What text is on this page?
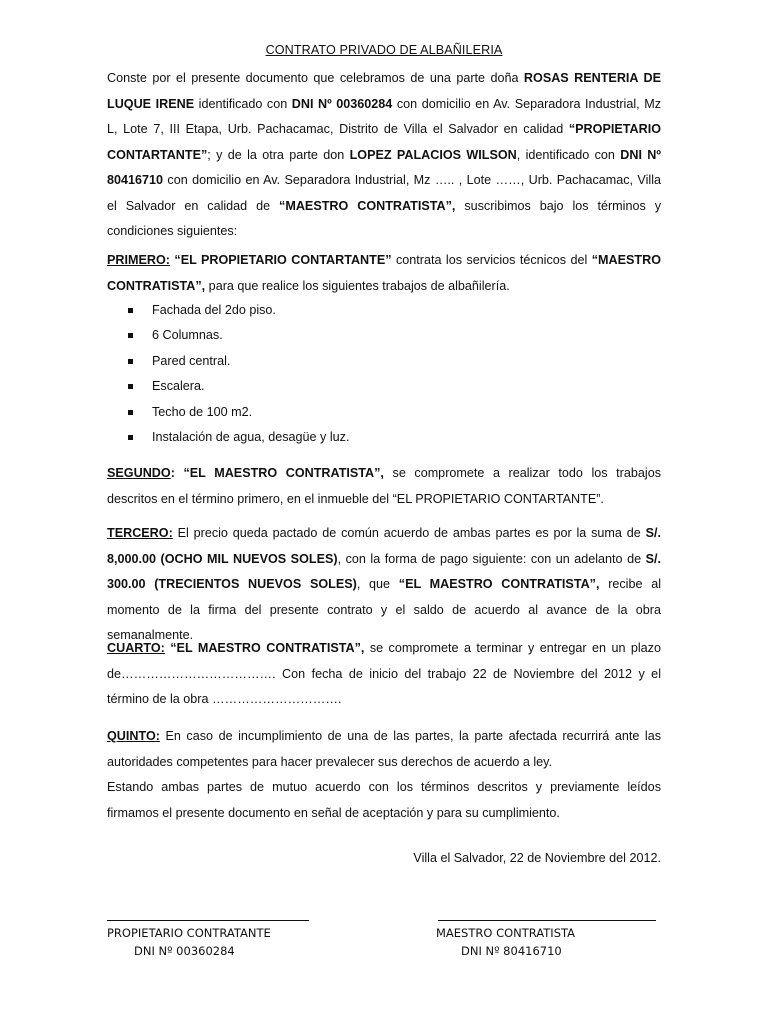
CONTRATO PRIVADO DE ALBAÑILERIA
Conste por el presente documento que celebramos de una parte doña ROSAS RENTERIA DE LUQUE IRENE identificado con DNI Nº 00360284 con domicilio en Av. Separadora Industrial, Mz L, Lote 7, III Etapa, Urb. Pachacamac, Distrito de Villa el Salvador en calidad “PROPIETARIO CONTARTANTE”; y de la otra parte don LOPEZ PALACIOS WILSON, identificado con DNI Nº 80416710 con domicilio en Av. Separadora Industrial, Mz ….. , Lote ……, Urb. Pachacamac, Villa el Salvador en calidad de “MAESTRO CONTRATISTA”, suscribimos bajo los términos y condiciones siguientes:
PRIMERO: “EL PROPIETARIO CONTARTANTE” contrata los servicios técnicos del “MAESTRO CONTRATISTA”, para que realice los siguientes trabajos de albañilería.
Fachada del 2do piso.
6 Columnas.
Pared central.
Escalera.
Techo de 100 m2.
Instalación de agua, desagüe y luz.
SEGUNDO: “EL MAESTRO CONTRATISTA”, se compromete a realizar todo los trabajos descritos en el término primero, en el inmueble del “EL PROPIETARIO CONTARTANTE”.
TERCERO: El precio queda pactado de común acuerdo de ambas partes es por la suma de S/. 8,000.00 (OCHO MIL NUEVOS SOLES), con la forma de pago siguiente: con un adelanto de S/. 300.00 (TRECIENTOS NUEVOS SOLES), que “EL MAESTRO CONTRATISTA”, recibe al momento de la firma del presente contrato y el saldo de acuerdo al avance de la obra semanalmente.
CUARTO: “EL MAESTRO CONTRATISTA”, se compromete a terminar y entregar en un plazo de………………………………. Con fecha de inicio del trabajo 22 de Noviembre del 2012 y el término de la obra ………………………….
QUINTO: En caso de incumplimiento de una de las partes, la parte afectada recurrirá ante las autoridades competentes para hacer prevalecer sus derechos de acuerdo a ley.
Estando ambas partes de mutuo acuerdo con los términos descritos y previamente leídos firmamos el presente documento en señal de aceptación y para su cumplimiento.
Villa el Salvador, 22 de Noviembre del 2012.
PROPIETARIO CONTRATANTE
DNI Nº 00360284
MAESTRO CONTRATISTA
DNI Nº 80416710
